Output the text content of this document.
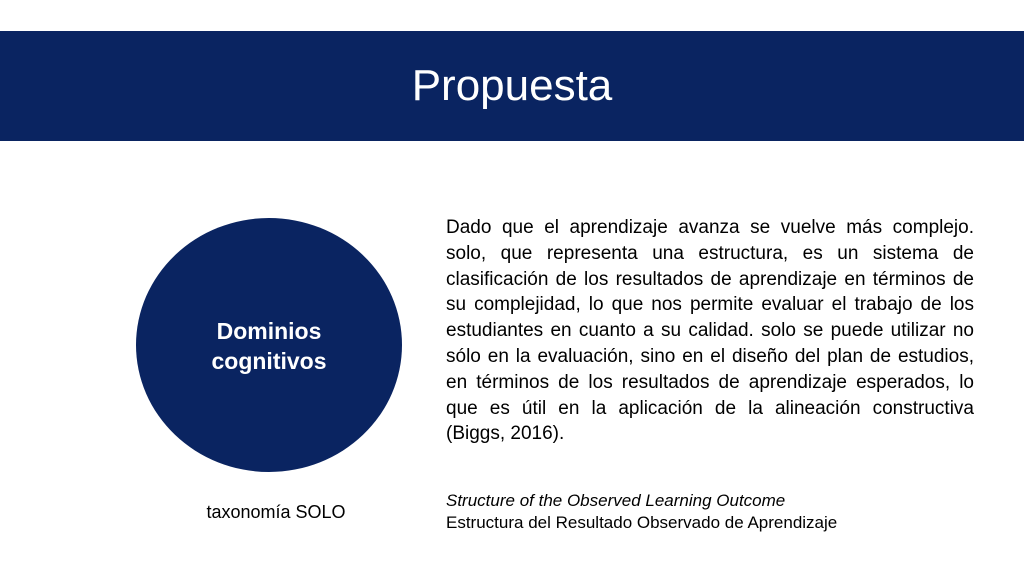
Propuesta
Dominios cognitivos
taxonomía SOLO

Dado que el aprendizaje avanza se vuelve más complejo. solo, que representa una estructura, es un sistema de clasificación de los resultados de aprendizaje en términos de su complejidad, lo que nos permite evaluar el trabajo de los estudiantes en cuanto a su calidad. solo se puede utilizar no sólo en la evaluación, sino en el diseño del plan de estudios, en términos de los resultados de aprendizaje esperados, lo que es útil en la aplicación de la alineación constructiva (Biggs, 2016).

Structure of the Observed Learning Outcome
Estructura del Resultado Observado de Aprendizaje
